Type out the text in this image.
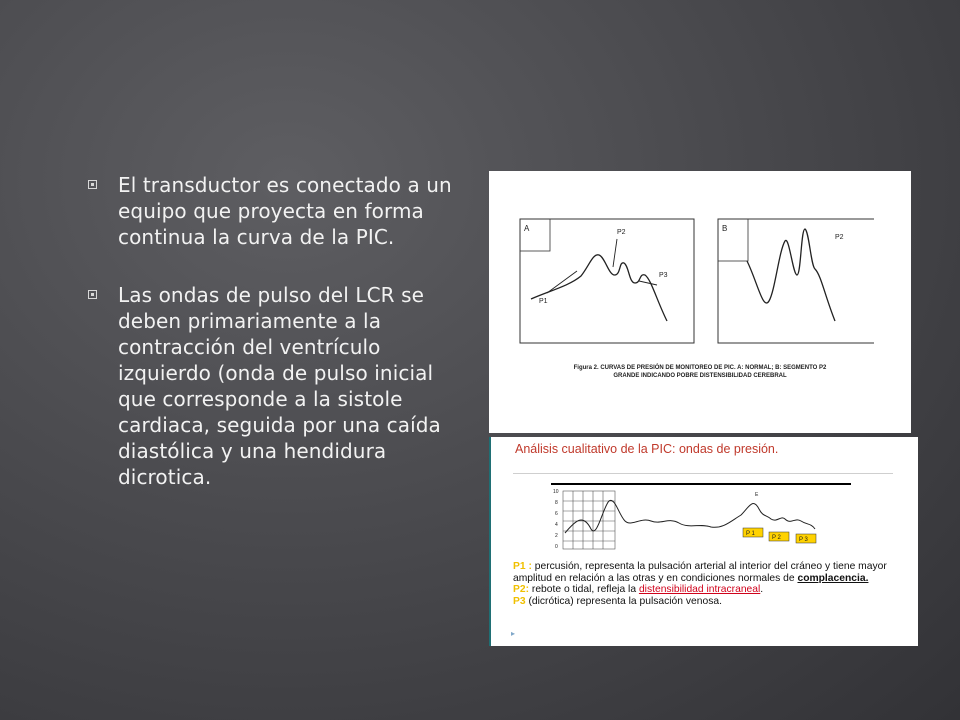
El transductor es conectado a un equipo que proyecta en forma continua la curva de la PIC.
Las ondas de pulso del LCR se deben primariamente a la contracción del ventrículo izquierdo (onda de pulso inicial que corresponde a la sistole cardiaca, seguida por una caída diastólica y una hendidura dicrotica.
A
P1
P2
P3
B
P2
Figura 2. CURVAS DE PRESIÓN DE MONITOREO DE PIC. A: NORMAL; B: SEGMENTO P2
GRANDE INDICANDO POBRE DISTENSIBILIDAD CEREBRAL
Análisis cualitativo de la PIC: ondas de presión.
10
8
6
4
2
0
E
P 1
P 2	P 3
P1 : percusión, representa la pulsación arterial al interior del cráneo y tiene mayor amplitud en relación a las otras y en condiciones normales de complacencia.
P2: rebote o tidal, refleja la distensibilidad intracraneal.
P3 (dicrótica) representa la pulsación venosa.
▸
